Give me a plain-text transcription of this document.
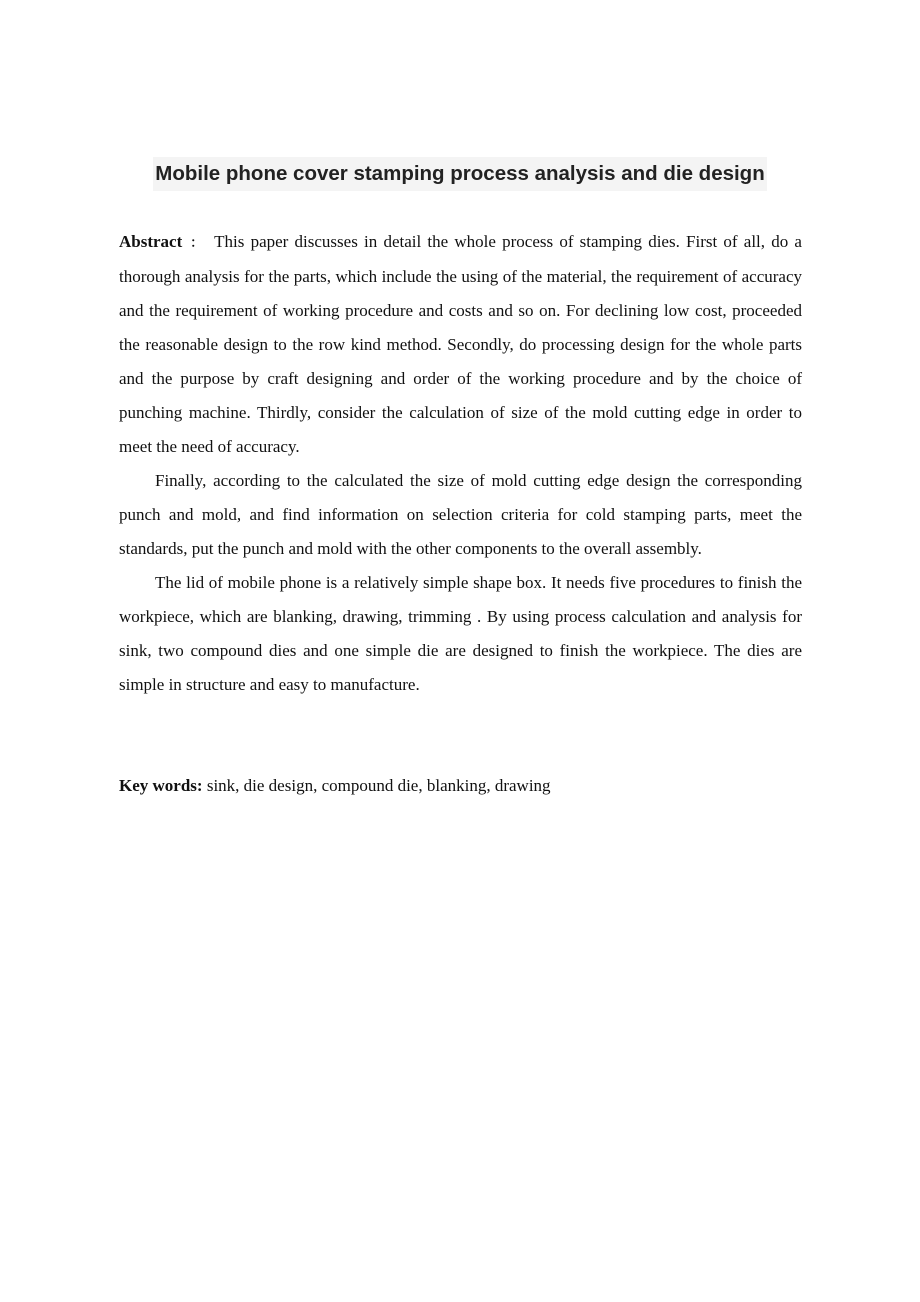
Mobile phone cover stamping process analysis and die design

Abstract ： This paper discusses in detail the whole process of stamping dies. First of all, do a thorough analysis for the parts, which include the using of the material, the requirement of accuracy and the requirement of working procedure and costs and so on. For declining low cost, proceeded the reasonable design to the row kind method. Secondly, do processing design for the whole parts and the purpose by craft designing and order of the working procedure and by the choice of punching machine. Thirdly, consider the calculation of size of the mold cutting edge in order to meet the need of accuracy.

Finally, according to the calculated the size of mold cutting edge design the corresponding punch and mold, and find information on selection criteria for cold stamping parts, meet the standards, put the punch and mold with the other components to the overall assembly.

The lid of mobile phone is a relatively simple shape box. It needs five procedures to finish the workpiece, which are blanking, drawing, trimming . By using process calculation and analysis for sink, two compound dies and one simple die are designed to finish the workpiece. The dies are simple in structure and easy to manufacture.

Key words: sink, die design, compound die, blanking, drawing
